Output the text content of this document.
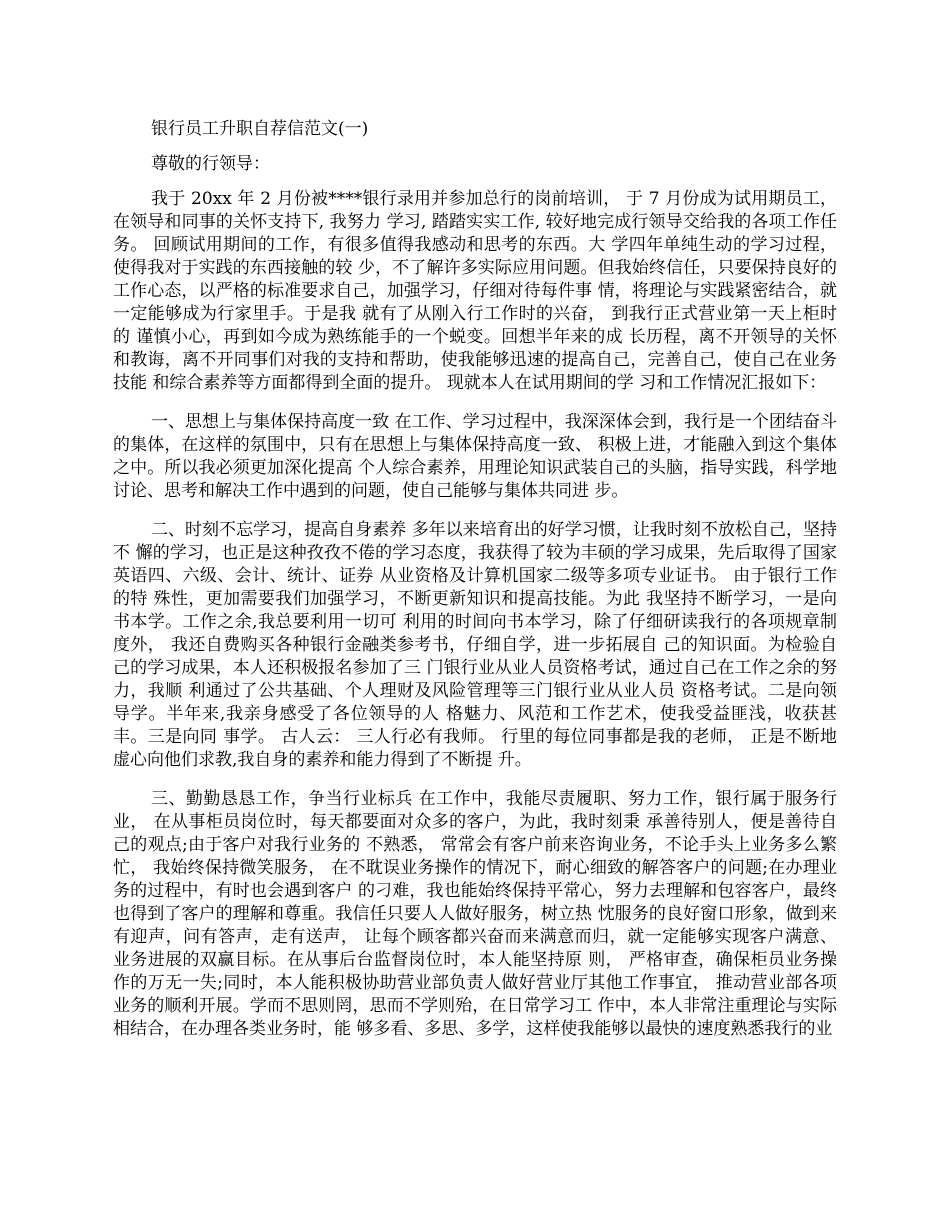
银行员工升职自荐信范文(一)

尊敬的行领导：

我于 20xx 年 2 月份被****银行录用并参加总行的岗前培训， 于 7 月份成为试用期员工， 在领导和同事的关怀支持下, 我努力 学习, 踏踏实实工作, 较好地完成行领导交给我的各项工作任 务。 回顾试用期间的工作，有很多值得我感动和思考的东西。大 学四年单纯生动的学习过程，使得我对于实践的东西接触的较 少，不了解许多实际应用问题。但我始终信任，只要保持良好的 工作心态，以严格的标准要求自己，加强学习，仔细对待每件事 情，将理论与实践紧密结合，就一定能够成为行家里手。于是我 就有了从刚入行工作时的兴奋， 到我行正式营业第一天上柜时的 谨慎小心，再到如今成为熟练能手的一个蜕变。回想半年来的成 长历程，离不开领导的关怀和教诲，离不开同事们对我的支持和帮助，使我能够迅速的提高自己，完善自己，使自己在业务技能 和综合素养等方面都得到全面的提升。 现就本人在试用期间的学 习和工作情况汇报如下：

一、思想上与集体保持高度一致 在工作、学习过程中，我深深体会到，我行是一个团结奋斗 的集体，在这样的氛围中，只有在思想上与集体保持高度一致、 积极上进，才能融入到这个集体之中。所以我必须更加深化提高 个人综合素养，用理论知识武装自己的头脑，指导实践，科学地 讨论、思考和解决工作中遇到的问题，使自己能够与集体共同进 步。

二、时刻不忘学习，提高自身素养 多年以来培育出的好学习惯，让我时刻不放松自己，坚持不 懈的学习，也正是这种孜孜不倦的学习态度，我获得了较为丰硕的学习成果，先后取得了国家英语四、六级、会计、统计、证券 从业资格及计算机国家二级等多项专业证书。 由于银行工作的特 殊性，更加需要我们加强学习，不断更新知识和提高技能。为此 我坚持不断学习，一是向书本学。工作之余,我总要利用一切可 利用的时间向书本学习，除了仔细研读我行的各项规章制度外， 我还自费购买各种银行金融类参考书，仔细自学，进一步拓展自 己的知识面。为检验自己的学习成果，本人还积极报名参加了三 门银行业从业人员资格考试，通过自己在工作之余的努力，我顺 利通过了公共基础、个人理财及风险管理等三门银行业从业人员 资格考试。二是向领导学。半年来,我亲身感受了各位领导的人 格魅力、风范和工作艺术，使我受益匪浅，收获甚丰。三是向同 事学。 古人云： 三人行必有我师。 行里的每位同事都是我的老师， 正是不断地虚心向他们求教,我自身的素养和能力得到了不断提 升。

三、勤勤恳恳工作，争当行业标兵 在工作中，我能尽责履职、努力工作，银行属于服务行业， 在从事柜员岗位时，每天都要面对众多的客户，为此，我时刻秉 承善待别人，便是善待自己的观点;由于客户对我行业务的 不熟悉， 常常会有客户前来咨询业务，不论手头上业务多么繁忙， 我始终保持微笑服务， 在不耽误业务操作的情况下，耐心细致的解答客户的问题;在办理业务的过程中，有时也会遇到客户 的刁难，我也能始终保持平常心，努力去理解和包容客户，最终 也得到了客户的理解和尊重。我信任只要人人做好服务，树立热 忱服务的良好窗口形象，做到来有迎声，问有答声，走有送声， 让每个顾客都兴奋而来满意而归，就一定能够实现客户满意、 业务进展的双赢目标。在从事后台监督岗位时，本人能坚持原 则， 严格审查，确保柜员业务操作的万无一失;同时，本人能积极协助营业部负责人做好营业厅其他工作事宜， 推动营业部各项 业务的顺利开展。学而不思则罔，思而不学则殆，在日常学习工 作中，本人非常注重理论与实际相结合，在办理各类业务时，能 够多看、多思、多学，这样使我能够以最快的速度熟悉我行的业
